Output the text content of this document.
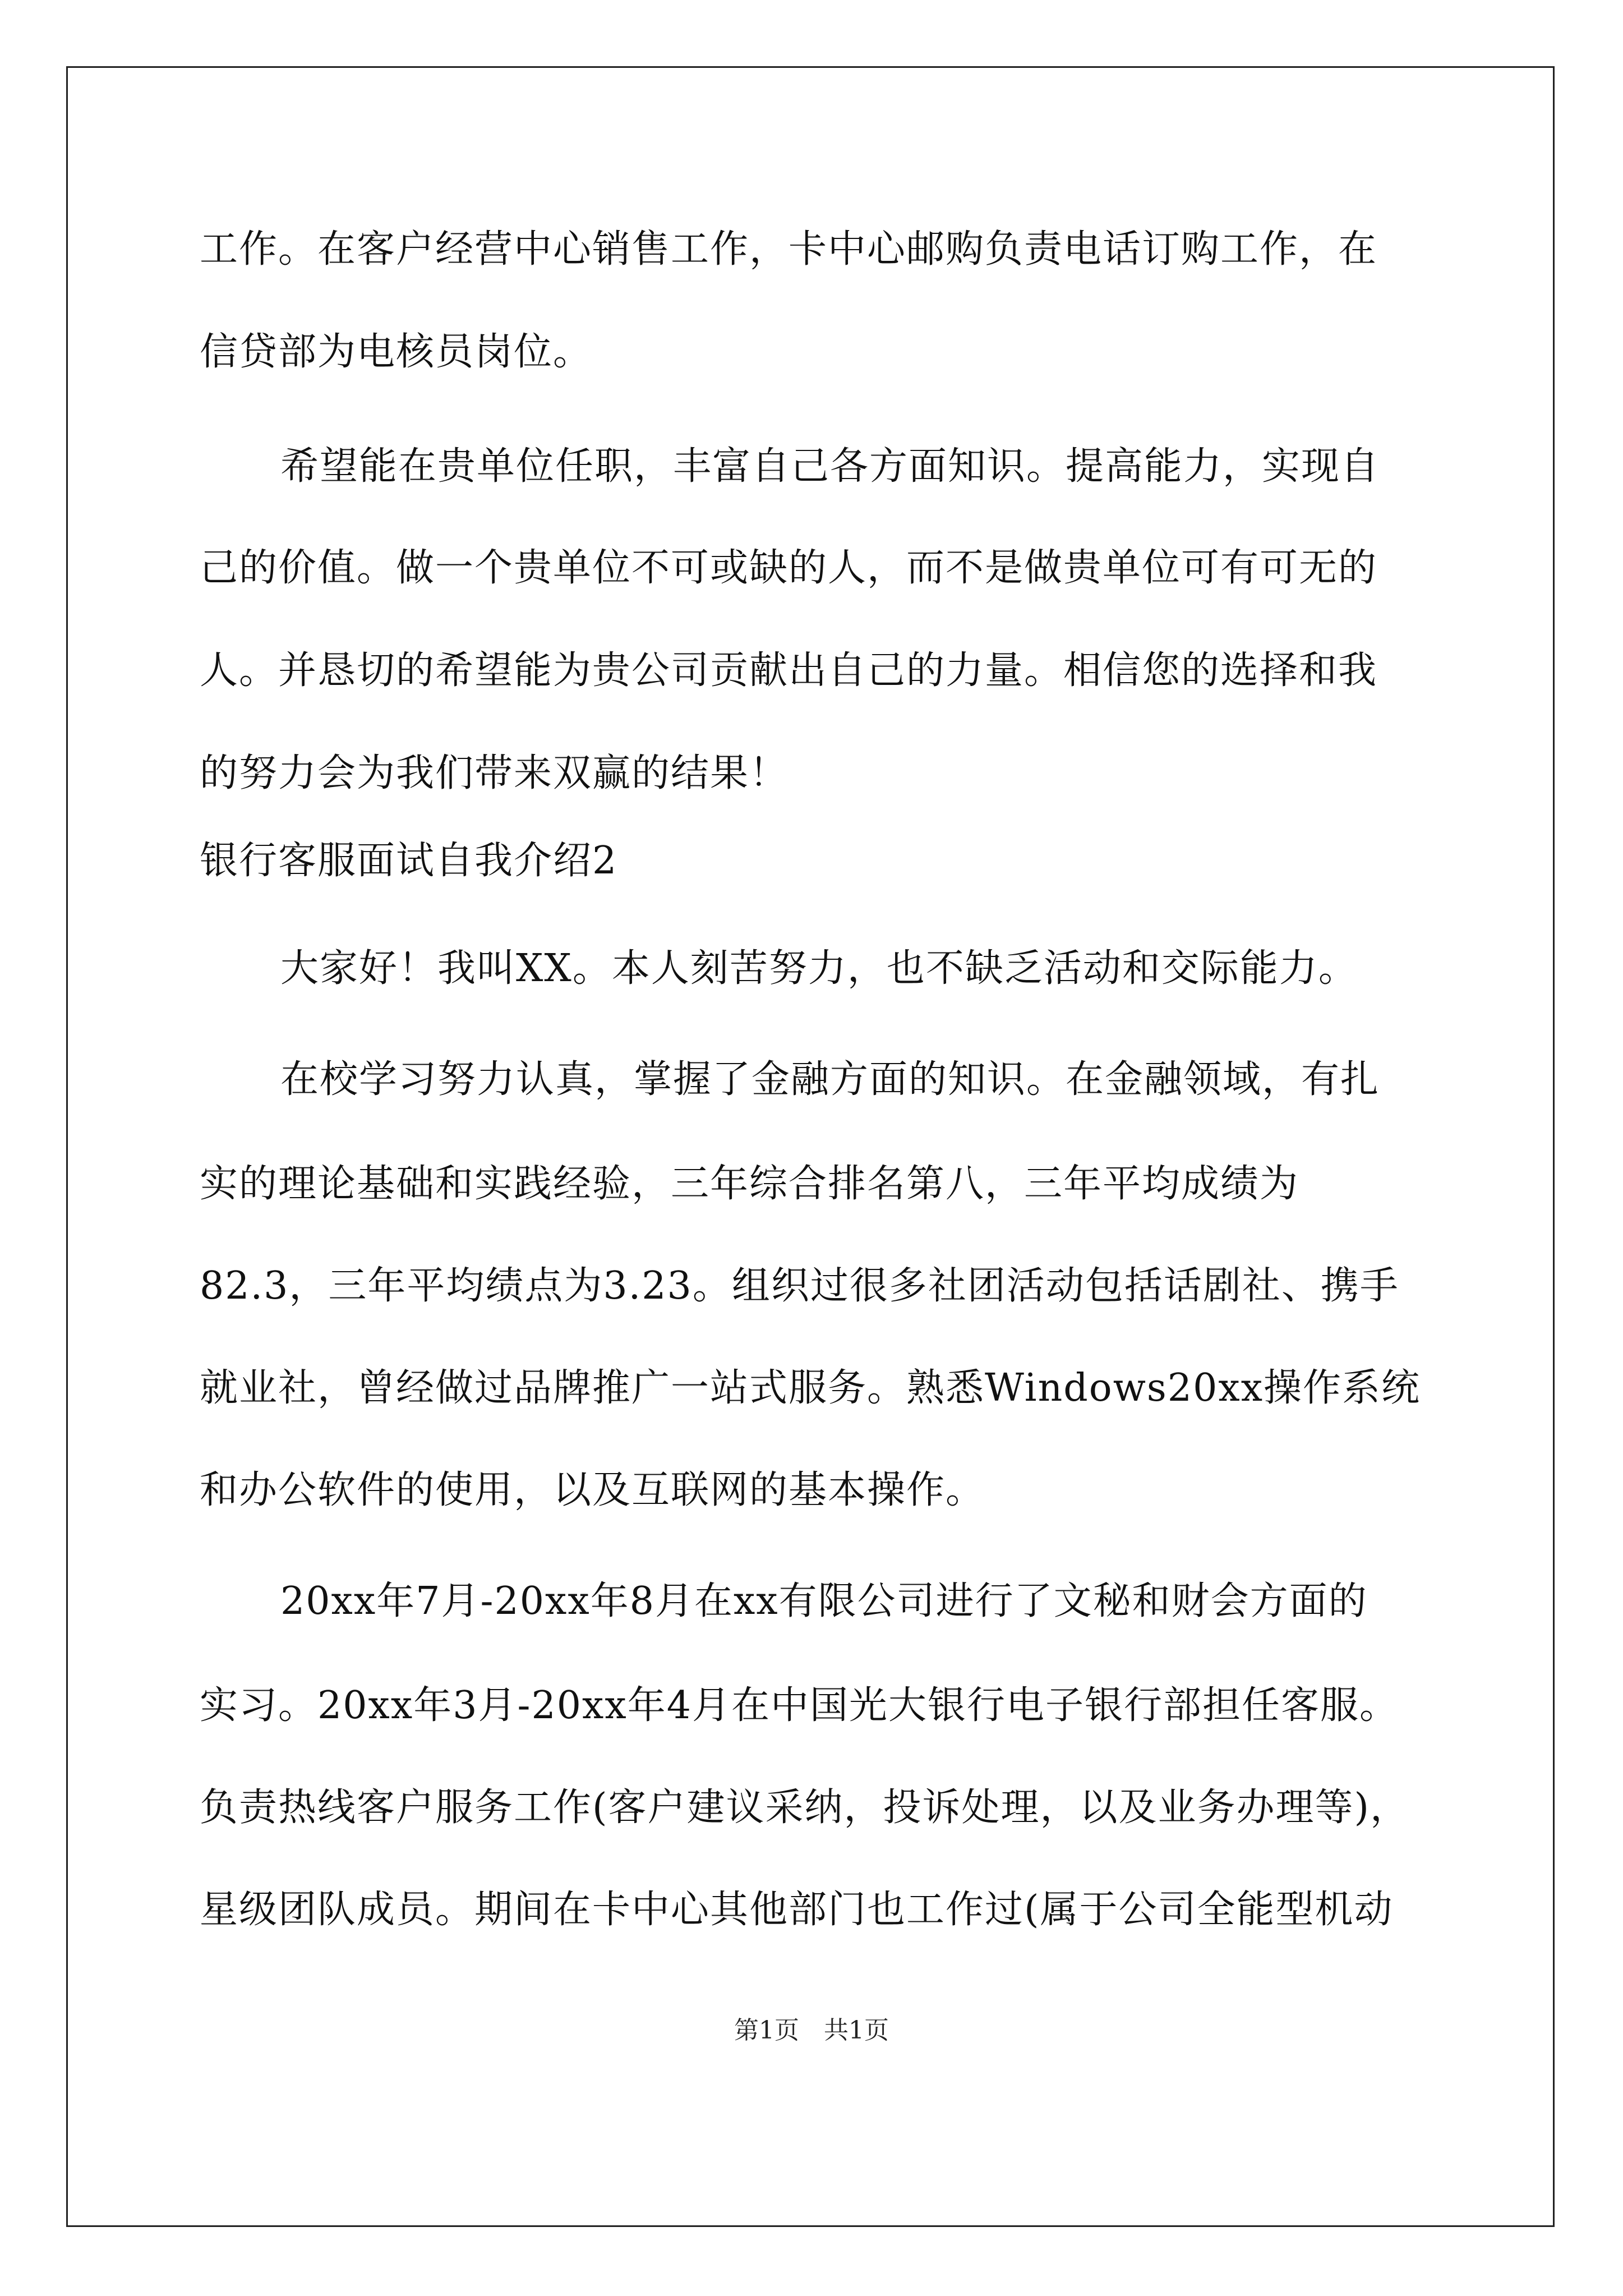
工作。在客户经营中心销售工作，卡中心邮购负责电话订购工作，在
信贷部为电核员岗位。
希望能在贵单位任职，丰富自己各方面知识。提高能力，实现自
己的价值。做一个贵单位不可或缺的人，而不是做贵单位可有可无的
人。并恳切的希望能为贵公司贡献出自己的力量。相信您的选择和我
的努力会为我们带来双赢的结果！
银行客服面试自我介绍2
大家好！我叫XX。本人刻苦努力，也不缺乏活动和交际能力。
在校学习努力认真，掌握了金融方面的知识。在金融领域，有扎
实的理论基础和实践经验，三年综合排名第八，三年平均成绩为
82.3，三年平均绩点为3.23。组织过很多社团活动包括话剧社、携手
就业社，曾经做过品牌推广一站式服务。熟悉Windows20xx操作系统
和办公软件的使用，以及互联网的基本操作。
20xx年7月-20xx年8月在xx有限公司进行了文秘和财会方面的
实习。20xx年3月-20xx年4月在中国光大银行电子银行部担任客服。
负责热线客户服务工作(客户建议采纳，投诉处理，以及业务办理等)，
星级团队成员。期间在卡中心其他部门也工作过(属于公司全能型机动
第1页　共1页
